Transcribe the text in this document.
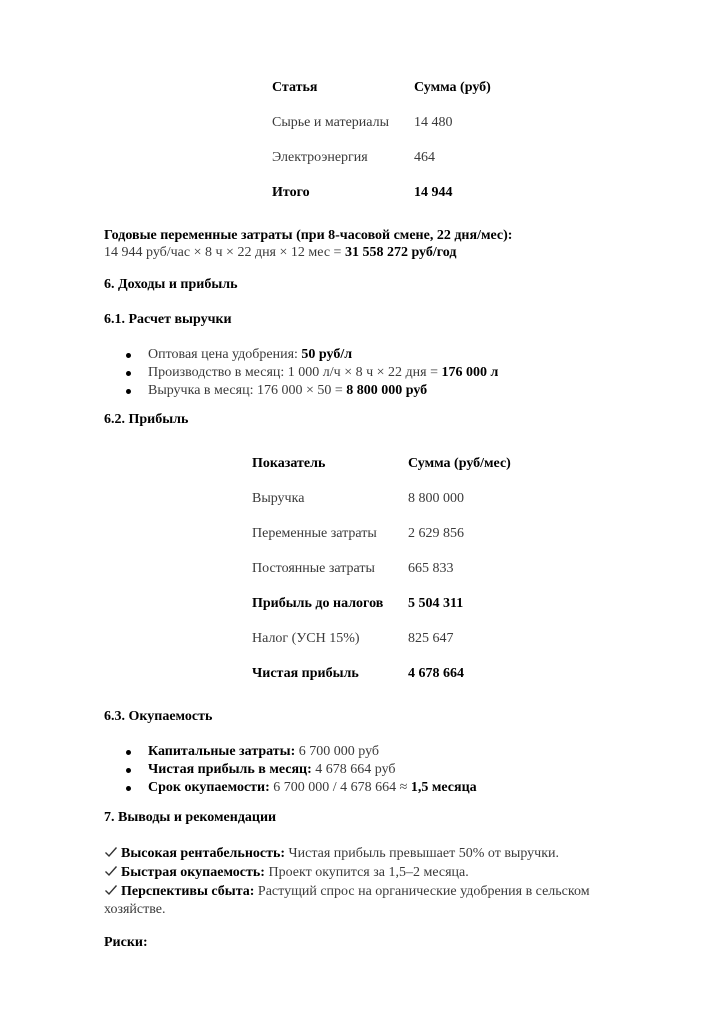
Статья	Сумма (руб)
Сырье и материалы	14 480
Электроэнергия	464
Итого	14 944
Годовые переменные затраты (при 8-часовой смене, 22 дня/мес):
14 944 руб/час × 8 ч × 22 дня × 12 мес = 31 558 272 руб/год
6. Доходы и прибыль
6.1. Расчет выручки
Оптовая цена удобрения: 50 руб/л
Производство в месяц: 1 000 л/ч × 8 ч × 22 дня = 176 000 л
Выручка в месяц: 176 000 × 50 = 8 800 000 руб
6.2. Прибыль
Показатель	Сумма (руб/мес)
Выручка	8 800 000
Переменные затраты	2 629 856
Постоянные затраты	665 833
Прибыль до налогов	5 504 311
Налог (УСН 15%)	825 647
Чистая прибыль	4 678 664
6.3. Окупаемость
Капитальные затраты: 6 700 000 руб
Чистая прибыль в месяц: 4 678 664 руб
Срок окупаемости: 6 700 000 / 4 678 664 ≈ 1,5 месяца
7. Выводы и рекомендации
Высокая рентабельность: Чистая прибыль превышает 50% от выручки.
Быстрая окупаемость: Проект окупится за 1,5–2 месяца.
Перспективы сбыта: Растущий спрос на органические удобрения в сельском хозяйстве.
Риски:
